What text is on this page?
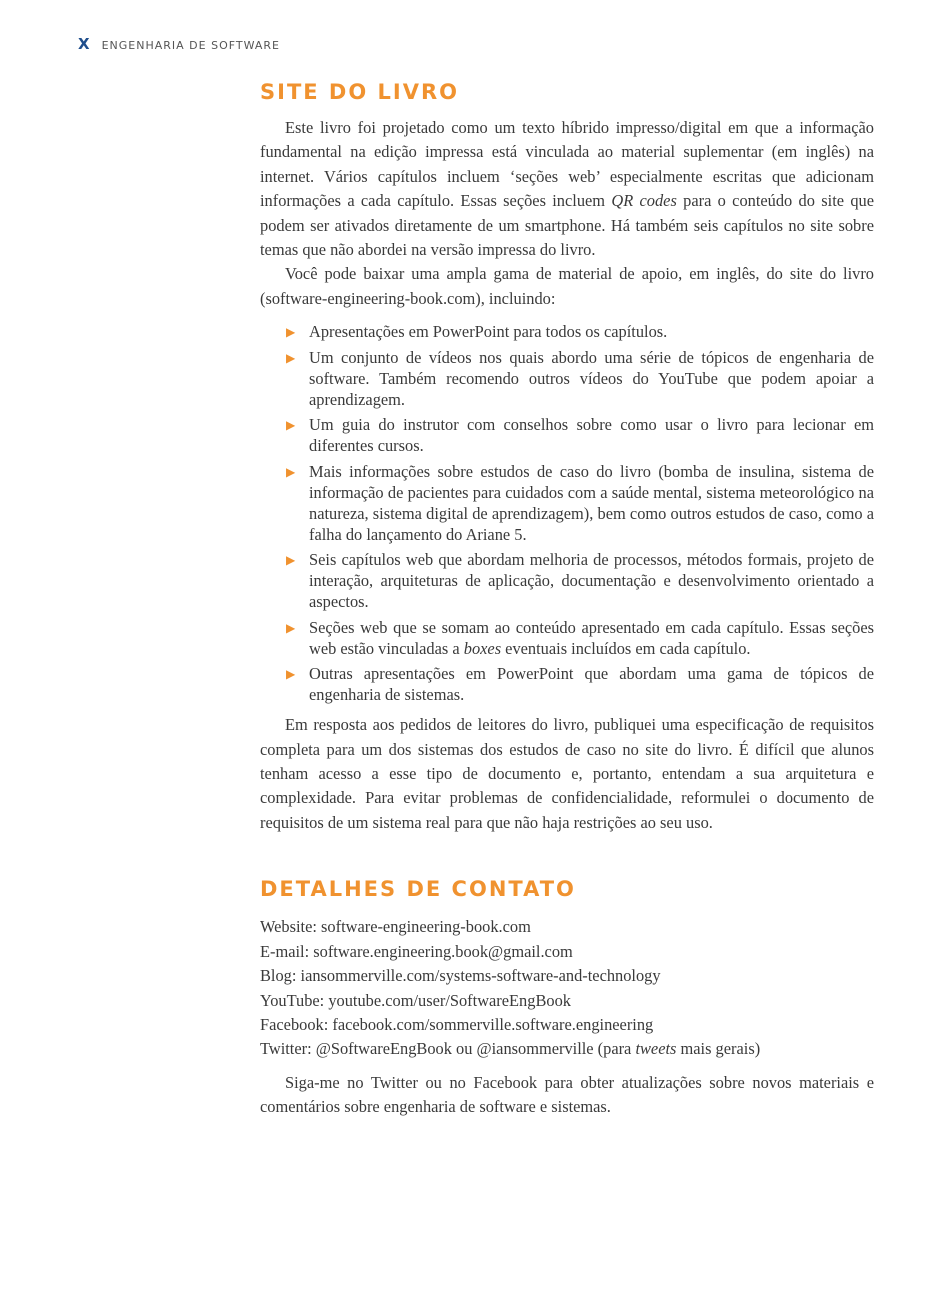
X ENGENHARIA DE SOFTWARE
SITE DO LIVRO

Este livro foi projetado como um texto híbrido impresso/digital em que a informação fundamental na edição impressa está vinculada ao material suplementar (em inglês) na internet. Vários capítulos incluem ‘seções web’ especialmente escritas que adicionam informações a cada capítulo. Essas seções incluem QR codes para o conteúdo do site que podem ser ativados diretamente de um smartphone. Há também seis capítulos no site sobre temas que não abordei na versão impressa do livro.

Você pode baixar uma ampla gama de material de apoio, em inglês, do site do livro (software-engineering-book.com), incluindo:

▶ Apresentações em PowerPoint para todos os capítulos.
▶ Um conjunto de vídeos nos quais abordo uma série de tópicos de engenharia de software. Também recomendo outros vídeos do YouTube que podem apoiar a aprendizagem.
▶ Um guia do instrutor com conselhos sobre como usar o livro para lecionar em diferentes cursos.
▶ Mais informações sobre estudos de caso do livro (bomba de insulina, sistema de informação de pacientes para cuidados com a saúde mental, sistema meteorológico na natureza, sistema digital de aprendizagem), bem como outros estudos de caso, como a falha do lançamento do Ariane 5.
▶ Seis capítulos web que abordam melhoria de processos, métodos formais, projeto de interação, arquiteturas de aplicação, documentação e desenvolvimento orientado a aspectos.
▶ Seções web que se somam ao conteúdo apresentado em cada capítulo. Essas seções web estão vinculadas a boxes eventuais incluídos em cada capítulo.
▶ Outras apresentações em PowerPoint que abordam uma gama de tópicos de engenharia de sistemas.

Em resposta aos pedidos de leitores do livro, publiquei uma especificação de requisitos completa para um dos sistemas dos estudos de caso no site do livro. É difícil que alunos tenham acesso a esse tipo de documento e, portanto, entendam a sua arquitetura e complexidade. Para evitar problemas de confidencialidade, reformulei o documento de requisitos de um sistema real para que não haja restrições ao seu uso.

DETALHES DE CONTATO
Website: software-engineering-book.com
E-mail: software.engineering.book@gmail.com
Blog: iansommerville.com/systems-software-and-technology
YouTube: youtube.com/user/SoftwareEngBook
Facebook: facebook.com/sommerville.software.engineering
Twitter: @SoftwareEngBook ou @iansommerville (para tweets mais gerais)

Siga-me no Twitter ou no Facebook para obter atualizações sobre novos materiais e comentários sobre engenharia de software e sistemas.
